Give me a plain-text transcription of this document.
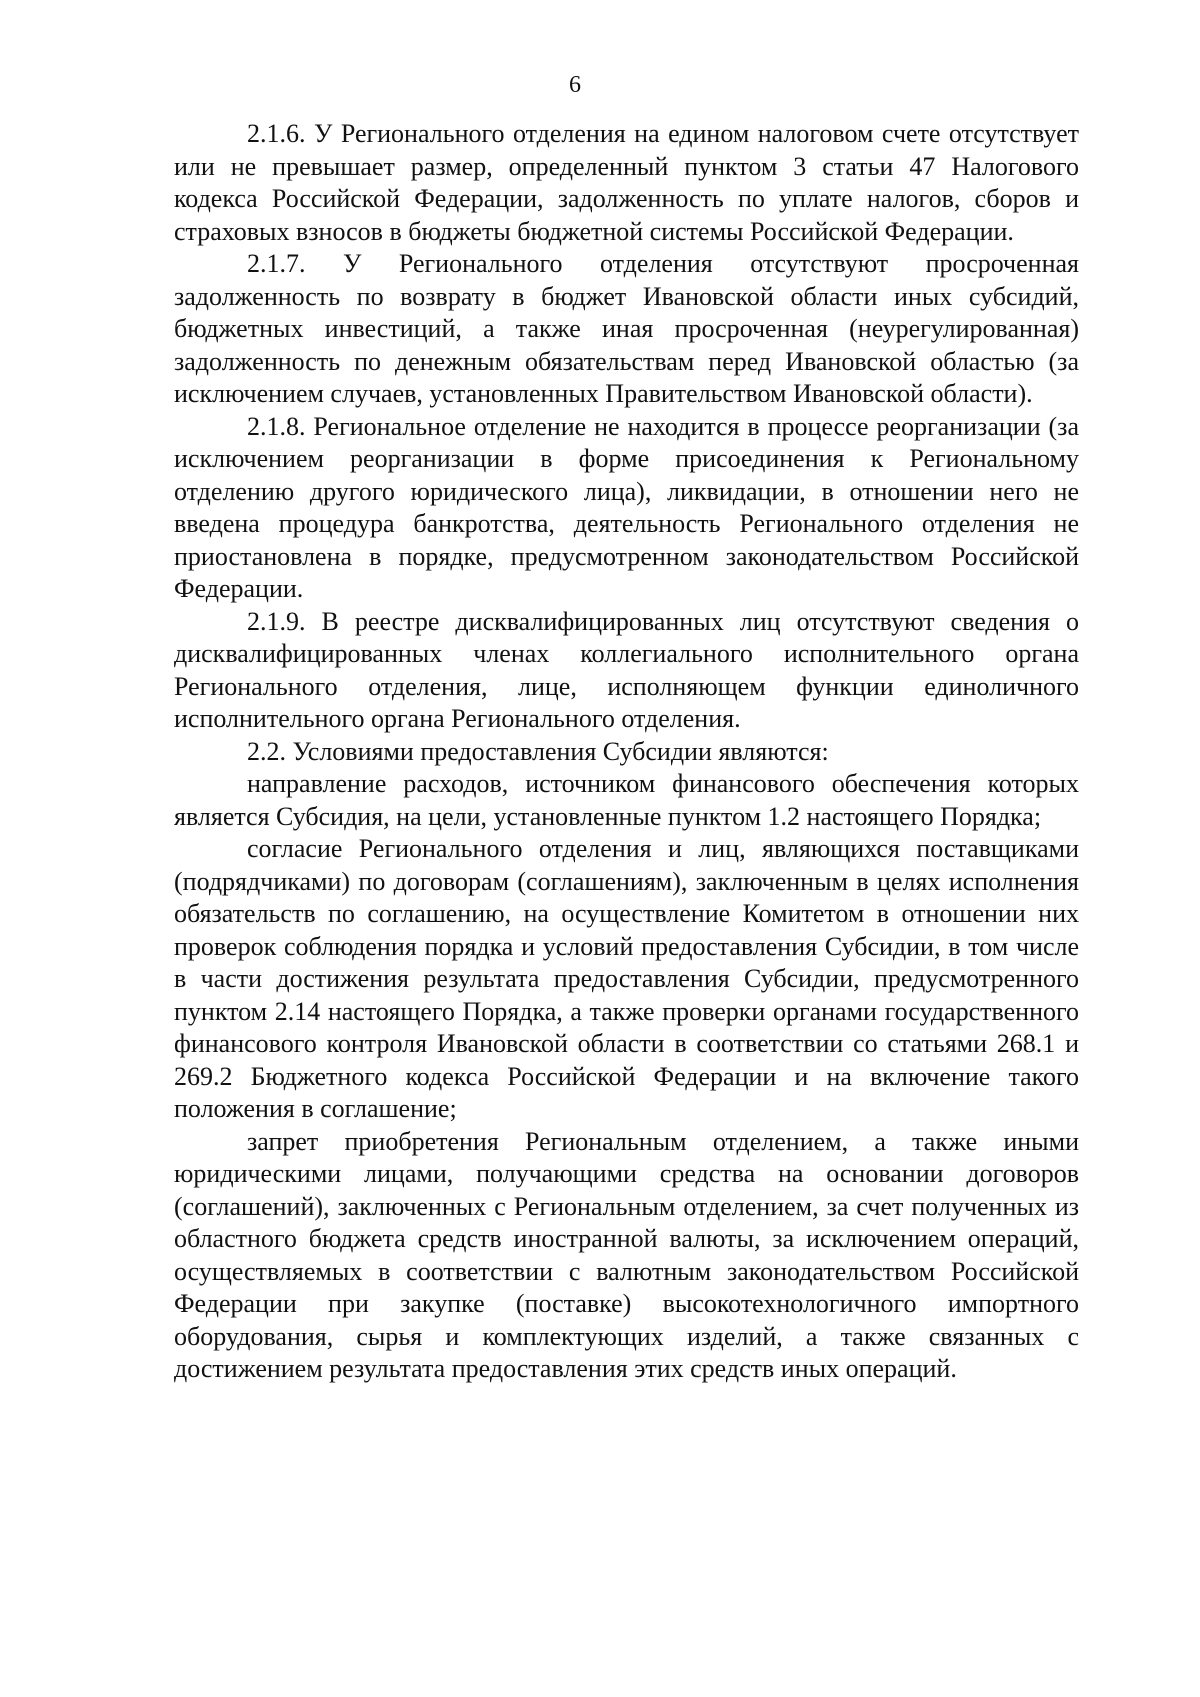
6

2.1.6. У Регионального отделения на едином налоговом счете отсутствует или не превышает размер, определенный пунктом 3 статьи 47 Налогового кодекса Российской Федерации, задолженность по уплате налогов, сборов и страховых взносов в бюджеты бюджетной системы Российской Федерации.

2.1.7. У Регионального отделения отсутствуют просроченная задолженность по возврату в бюджет Ивановской области иных субсидий, бюджетных инвестиций, а также иная просроченная (неурегулированная) задолженность по денежным обязательствам перед Ивановской областью (за исключением случаев, установленных Правительством Ивановской области).

2.1.8. Региональное отделение не находится в процессе реорганизации (за исключением реорганизации в форме присоединения к Региональному отделению другого юридического лица), ликвидации, в отношении него не введена процедура банкротства, деятельность Регионального отделения не приостановлена в порядке, предусмотренном законодательством Российской Федерации.

2.1.9. В реестре дисквалифицированных лиц отсутствуют сведения о дисквалифицированных членах коллегиального исполнительного органа Регионального отделения, лице, исполняющем функции единоличного исполнительного органа Регионального отделения.

2.2. Условиями предоставления Субсидии являются:

направление расходов, источником финансового обеспечения которых является Субсидия, на цели, установленные пунктом 1.2 настоящего Порядка;

согласие Регионального отделения и лиц, являющихся поставщиками (подрядчиками) по договорам (соглашениям), заключенным в целях исполнения обязательств по соглашению, на осуществление Комитетом в отношении них проверок соблюдения порядка и условий предоставления Субсидии, в том числе в части достижения результата предоставления Субсидии, предусмотренного пунктом 2.14 настоящего Порядка, а также проверки органами государственного финансового контроля Ивановской области в соответствии со статьями 268.1 и 269.2 Бюджетного кодекса Российской Федерации и на включение такого положения в соглашение;

запрет приобретения Региональным отделением, а также иными юридическими лицами, получающими средства на основании договоров (соглашений), заключенных с Региональным отделением, за счет полученных из областного бюджета средств иностранной валюты, за исключением операций, осуществляемых в соответствии с валютным законодательством Российской Федерации при закупке (поставке) высокотехнологичного импортного оборудования, сырья и комплектующих изделий, а также связанных с достижением результата предоставления этих средств иных операций.
